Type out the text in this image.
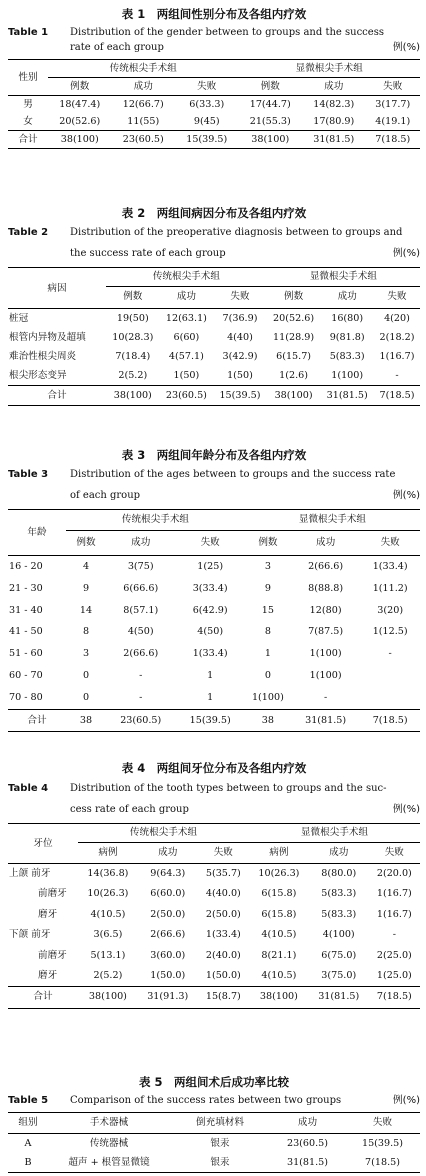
表 1　两组间性别分布及各组内疗效
Table 1 Distribution of the gender between to groups and the success
rate of each group	例(%)
性别	传统根尖手术组			显微根尖手术组		
	例数	成功	失败	例数	成功	失败
男	18(47.4)	12(66.7)	6(33.3)	17(44.7)	14(82.3)	3(17.7)
女	20(52.6)	11(55)	9(45)	21(55.3)	17(80.9)	4(19.1)
合计	38(100)	23(60.5)	15(39.5)	38(100)	31(81.5)	7(18.5)
表 2　两组间病因分布及各组内疗效
Table 2 Distribution of the preoperative diagnosis between to groups and
the success rate of each group	例(%)
病因	传统根尖手术组			显微根尖手术组		
	例数	成功	失败	例数	成功	失败
桩冠	19(50)	12(63.1)	7(36.9)	20(52.6)	16(80)	4(20)
根管内异物及超填	10(28.3)	6(60)	4(40)	11(28.9)	9(81.8)	2(18.2)
难治性根尖周炎	7(18.4)	4(57.1)	3(42.9)	6(15.7)	5(83.3)	1(16.7)
根尖形态变异	2(5.2)	1(50)	1(50)	1(2.6)	1(100)	-
合计	38(100)	23(60.5)	15(39.5)	38(100)	31(81.5)	7(18.5)
表 3　两组间年龄分布及各组内疗效
Table 3 Distribution of the ages between to groups and the success rate
of each group	例(%)
年龄	传统根尖手术组			显微根尖手术组		
	例数	成功	失败	例数	成功	失败
16 - 20	4	3(75)	1(25)	3	2(66.6)	1(33.4)
21 - 30	9	6(66.6)	3(33.4)	9	8(88.8)	1(11.2)
31 - 40	14	8(57.1)	6(42.9)	15	12(80)	3(20)
41 - 50	8	4(50)	4(50)	8	7(87.5)	1(12.5)
51 - 60	3	2(66.6)	1(33.4)	1	1(100)	-
60 - 70	0	-	1	0	1(100)	
70 - 80	0	-	1	1(100)	-	
合计	38	23(60.5)	15(39.5)	38	31(81.5)	7(18.5)
表 4　两组间牙位分布及各组内疗效
Table 4 Distribution of the tooth types between to groups and the suc-
cess rate of each group	例(%)
牙位	传统根尖手术组			显微根尖手术组		
	病例	成功	失败	病例	成功	失败
上颌 前牙	14(36.8)	9(64.3)	5(35.7)	10(26.3)	8(80.0)	2(20.0)
前磨牙	10(26.3)	6(60.0)	4(40.0)	6(15.8)	5(83.3)	1(16.7)
磨牙	4(10.5)	2(50.0)	2(50.0)	6(15.8)	5(83.3)	1(16.7)
下颌 前牙	3(6.5)	2(66.6)	1(33.4)	4(10.5)	4(100)	-
前磨牙	5(13.1)	3(60.0)	2(40.0)	8(21.1)	6(75.0)	2(25.0)
磨牙	2(5.2)	1(50.0)	1(50.0)	4(10.5)	3(75.0)	1(25.0)
合计	38(100)	31(91.3)	15(8.7)	38(100)	31(81.5)	7(18.5)
表 5　两组间术后成功率比较
Table 5 Comparison of the success rates between two groups	例(%)
组别	手术器械	倒充填材料	成功	失败
A	传统器械	银汞	23(60.5)	15(39.5)
B	超声 + 根管显微镜	银汞	31(81.5)	7(18.5)
